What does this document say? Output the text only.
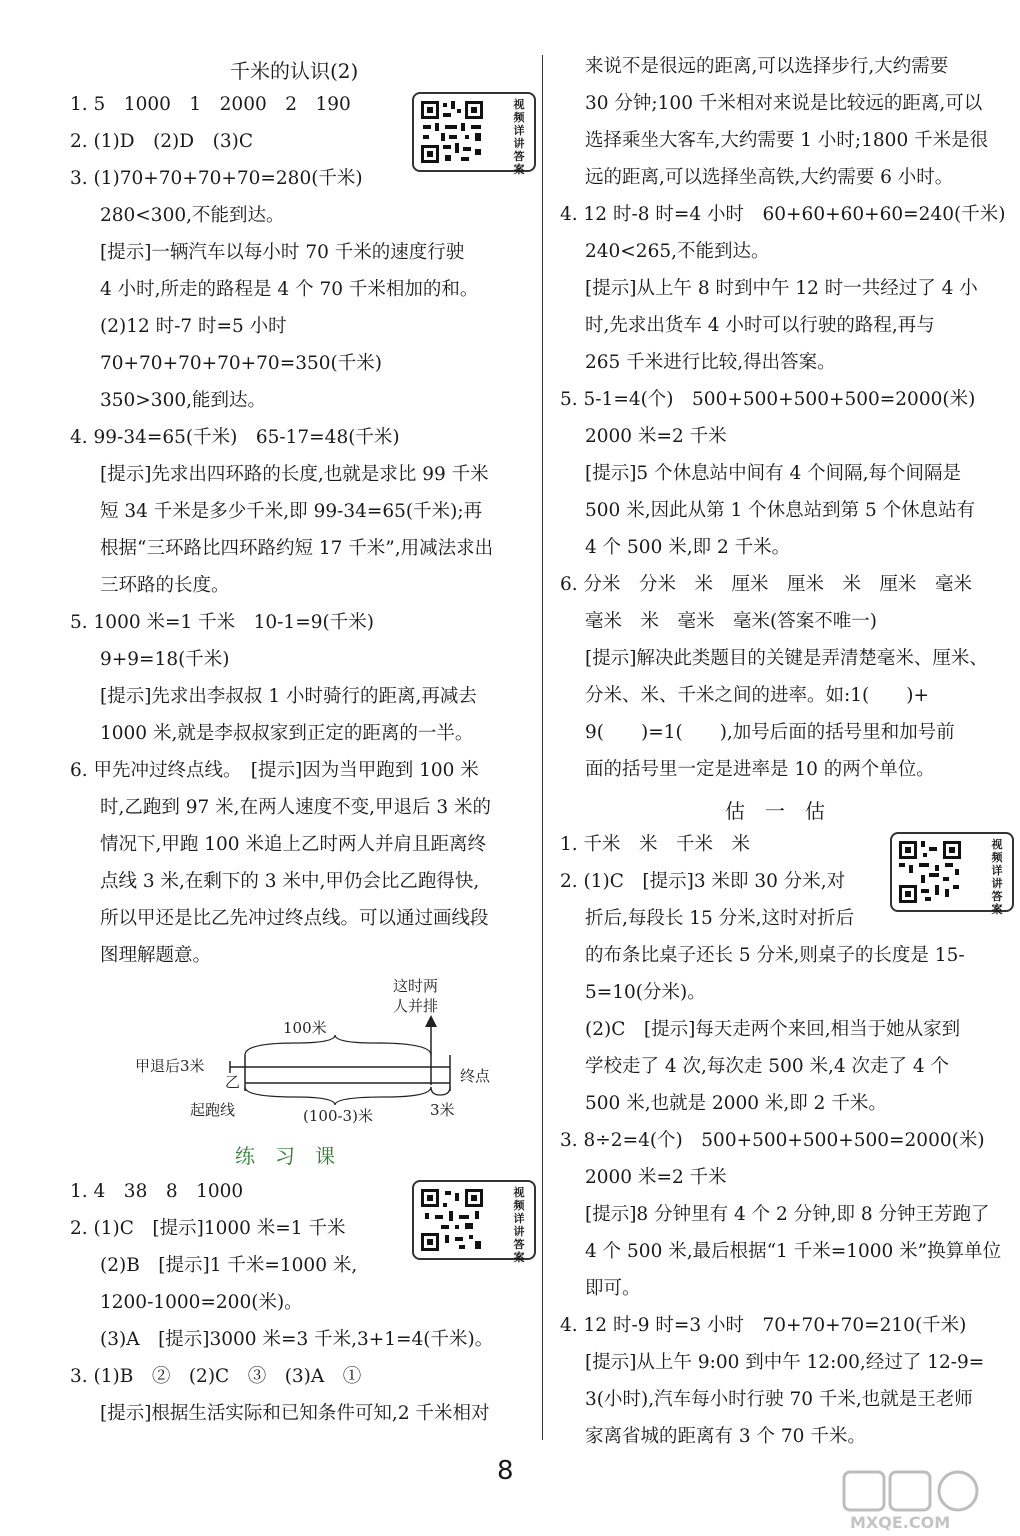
千米的认识(2)
1. 5　1000　1　2000　2　190
2. (1)D　(2)D　(3)C
3. (1)70+70+70+70=280(千米)
280<300,不能到达。
[提示]一辆汽车以每小时 70 千米的速度行驶
4 小时,所走的路程是 4 个 70 千米相加的和。
(2)12 时-7 时=5 小时
70+70+70+70+70=350(千米)
350>300,能到达。
4. 99-34=65(千米)　65-17=48(千米)
[提示]先求出四环路的长度,也就是求比 99 千米
短 34 千米是多少千米,即 99-34=65(千米);再
根据“三环路比四环路约短 17 千米”,用减法求出
三环路的长度。
5. 1000 米=1 千米　10-1=9(千米)
9+9=18(千米)
[提示]先求出李叔叔 1 小时骑行的距离,再减去
1000 米,就是李叔叔家到正定的距离的一半。
6. 甲先冲过终点线。　[提示]因为当甲跑到 100 米
时,乙跑到 97 米,在两人速度不变,甲退后 3 米的
情况下,甲跑 100 米追上乙时两人并肩且距离终
点线 3 米,在剩下的 3 米中,甲仍会比乙跑得快,
所以甲还是比乙先冲过终点线。可以通过画线段
图理解题意。
视频详讲答案
这时两
人并排
100米
甲退后3米
乙	终点
起跑线	(100-3)米	3米
练　习　课
1. 4　38　8　1000
2. (1)C　[提示]1000 米=1 千米
(2)B　[提示]1 千米=1000 米,
1200-1000=200(米)。
(3)A　[提示]3000 米=3 千米,3+1=4(千米)。
3. (1)B　②　(2)C　③　(3)A　①
[提示]根据生活实际和已知条件可知,2 千米相对
视频详讲答案
来说不是很远的距离,可以选择步行,大约需要
30 分钟;100 千米相对来说是比较远的距离,可以
选择乘坐大客车,大约需要 1 小时;1800 千米是很
远的距离,可以选择坐高铁,大约需要 6 小时。
4. 12 时-8 时=4 小时　60+60+60+60=240(千米)
240<265,不能到达。
[提示]从上午 8 时到中午 12 时一共经过了 4 小
时,先求出货车 4 小时可以行驶的路程,再与
265 千米进行比较,得出答案。
5. 5-1=4(个)　500+500+500+500=2000(米)
2000 米=2 千米
[提示]5 个休息站中间有 4 个间隔,每个间隔是
500 米,因此从第 1 个休息站到第 5 个休息站有
4 个 500 米,即 2 千米。
6. 分米　分米　米　厘米　厘米　米　厘米　毫米
毫米　米　毫米　毫米(答案不唯一)
[提示]解决此类题目的关键是弄清楚毫米、厘米、
分米、米、千米之间的进率。如:1(　　)+
9(　　)=1(　　),加号后面的括号里和加号前
面的括号里一定是进率是 10 的两个单位。
估　一　估
1. 千米　米　千米　米
2. (1)C　[提示]3 米即 30 分米,对
折后,每段长 15 分米,这时对折后
的布条比桌子还长 5 分米,则桌子的长度是 15-
5=10(分米)。
(2)C　[提示]每天走两个来回,相当于她从家到
学校走了 4 次,每次走 500 米,4 次走了 4 个
500 米,也就是 2000 米,即 2 千米。
3. 8÷2=4(个)　500+500+500+500=2000(米)
2000 米=2 千米
[提示]8 分钟里有 4 个 2 分钟,即 8 分钟王芳跑了
4 个 500 米,最后根据“1 千米=1000 米”换算单位
即可。
4. 12 时-9 时=3 小时　70+70+70=210(千米)
[提示]从上午 9:00 到中午 12:00,经过了 12-9=
3(小时),汽车每小时行驶 70 千米,也就是王老师
家离省城的距离有 3 个 70 千米。
视频详讲答案
8
MXQE.COM
